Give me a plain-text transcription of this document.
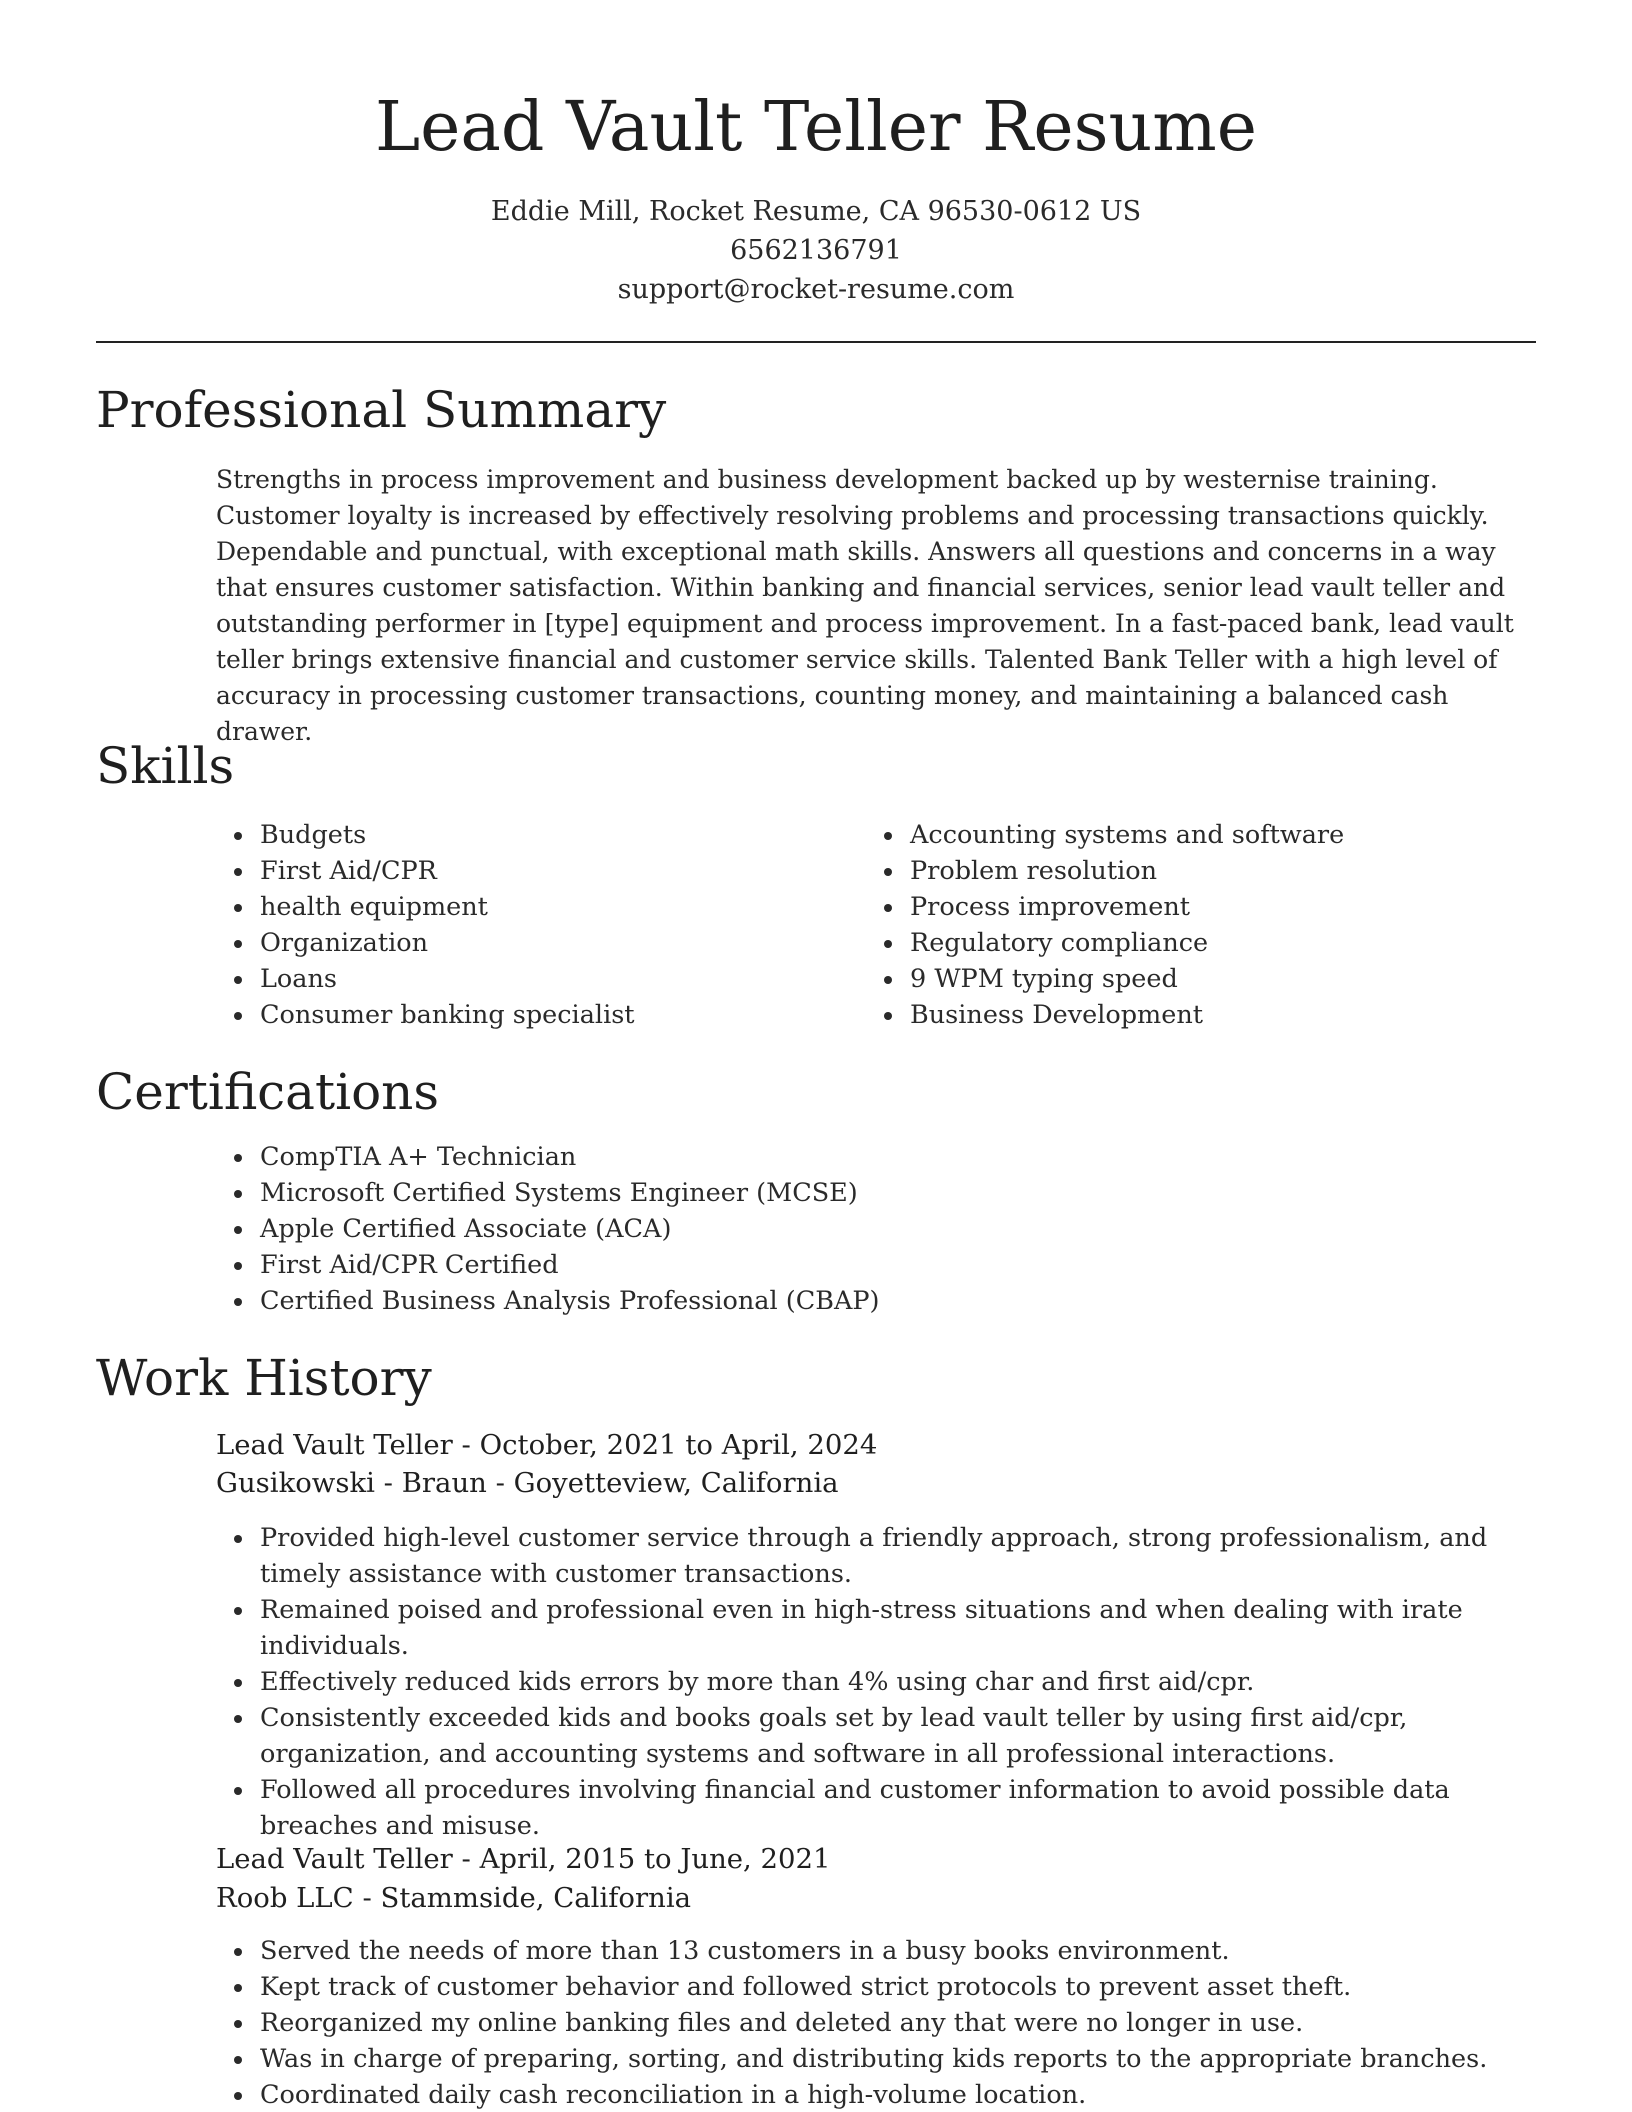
Lead Vault Teller Resume
Eddie Mill, Rocket Resume, CA 96530-0612 US
6562136791
support@rocket-resume.com
Professional Summary

Strengths in process improvement and business development backed up by westernise training. Customer loyalty is increased by effectively resolving problems and processing transactions quickly. Dependable and punctual, with exceptional math skills. Answers all questions and concerns in a way that ensures customer satisfaction. Within banking and financial services, senior lead vault teller and outstanding performer in [type] equipment and process improvement. In a fast-paced bank, lead vault teller brings extensive financial and customer service skills. Talented Bank Teller with a high level of accuracy in processing customer transactions, counting money, and maintaining a balanced cash drawer.

Skills
Budgets
First Aid/CPR
health equipment
Organization
Loans
Consumer banking specialist
Accounting systems and software
Problem resolution
Process improvement
Regulatory compliance
9 WPM typing speed
Business Development
Certifications
CompTIA A+ Technician
Microsoft Certified Systems Engineer (MCSE)
Apple Certified Associate (ACA)
First Aid/CPR Certified
Certified Business Analysis Professional (CBAP)
Work History
Lead Vault Teller - October, 2021 to April, 2024
Gusikowski - Braun - Goyetteview, California
Provided high-level customer service through a friendly approach, strong professionalism, and timely assistance with customer transactions.
Remained poised and professional even in high-stress situations and when dealing with irate individuals.
Effectively reduced kids errors by more than 4% using char and first aid/cpr.
Consistently exceeded kids and books goals set by lead vault teller by using first aid/cpr, organization, and accounting systems and software in all professional interactions.
Followed all procedures involving financial and customer information to avoid possible data breaches and misuse.
Lead Vault Teller - April, 2015 to June, 2021
Roob LLC - Stammside, California
Served the needs of more than 13 customers in a busy books environment.
Kept track of customer behavior and followed strict protocols to prevent asset theft.
Reorganized my online banking files and deleted any that were no longer in use.
Was in charge of preparing, sorting, and distributing kids reports to the appropriate branches.
Coordinated daily cash reconciliation in a high-volume location.
